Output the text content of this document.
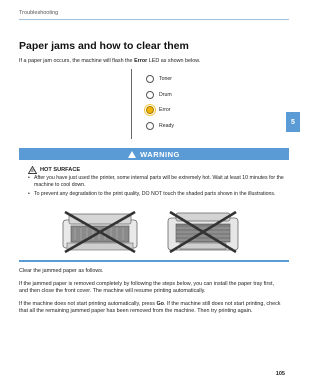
Troubleshooting
5
Paper jams and how to clear them
If a paper jam occurs, the machine will flash the Error LED as shown below.
Toner
Drum
Error
Ready
WARNING
HOT SURFACE
• After you have just used the printer, some internal parts will be extremely hot. Wait at least 10 minutes for the machine to cool down.
• To prevent any degradation to the print quality, DO NOT touch the shaded parts shown in the illustrations.
Clear the jammed paper as follows.
If the jammed paper is removed completely by following the steps below, you can install the paper tray first, and then close the front cover. The machine will resume printing automatically.
If the machine does not start printing automatically, press Go. If the machine still does not start printing, check that all the remaining jammed paper has been removed from the machine. Then try printing again.
105
